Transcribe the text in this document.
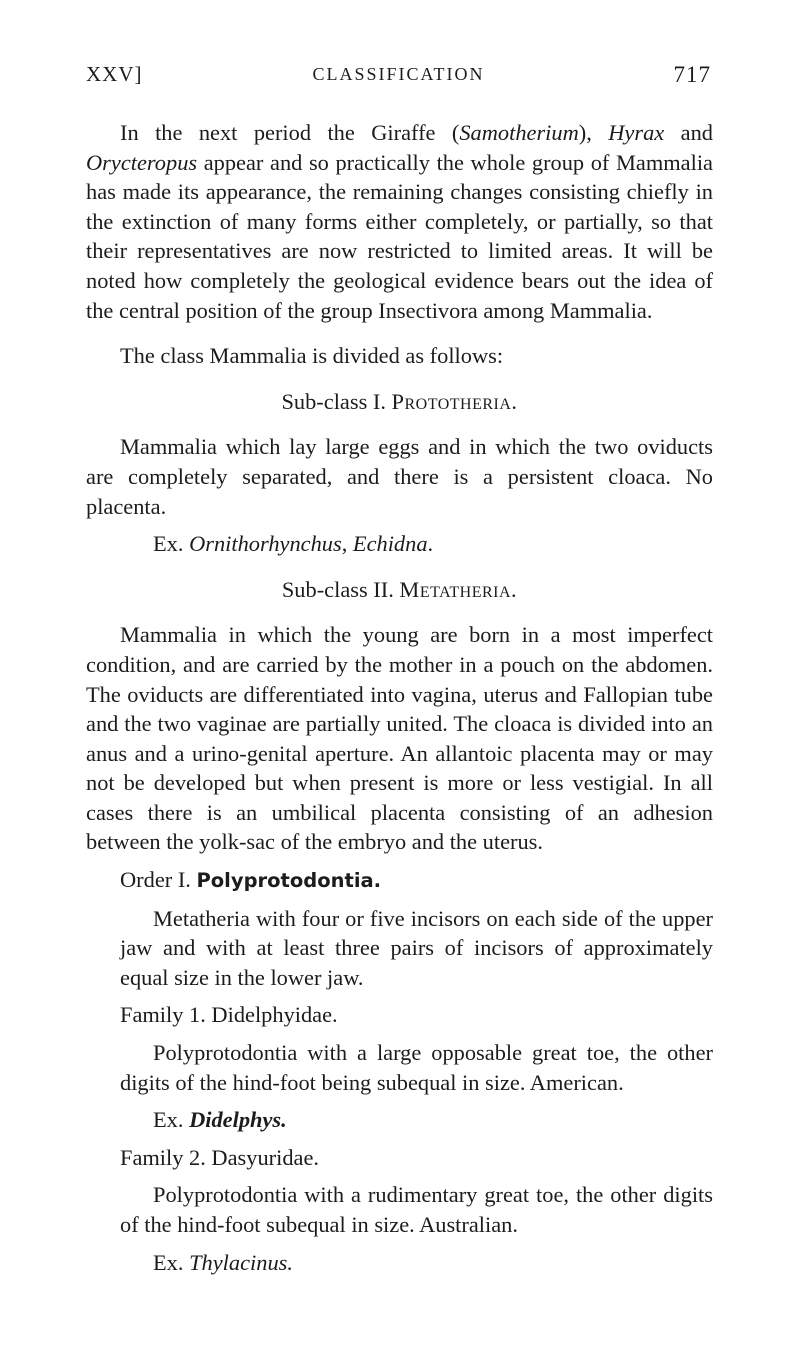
XXV]	CLASSIFICATION	717

In the next period the Giraffe (Samotherium), Hyrax and Orycteropus appear and so practically the whole group of Mammalia has made its appearance, the remaining changes consisting chiefly in the extinction of many forms either completely, or partially, so that their representatives are now restricted to limited areas. It will be noted how completely the geological evidence bears out the idea of the central position of the group Insectivora among Mammalia.

The class Mammalia is divided as follows:

Sub-class I. Prototheria.

Mammalia which lay large eggs and in which the two oviducts are completely separated, and there is a persistent cloaca. No placenta.

Ex. Ornithorhynchus, Echidna.

Sub-class II. Metatheria.

Mammalia in which the young are born in a most imperfect condition, and are carried by the mother in a pouch on the abdomen. The oviducts are differentiated into vagina, uterus and Fallopian tube and the two vaginae are partially united. The cloaca is divided into an anus and a urino-genital aperture. An allantoic placenta may or may not be developed but when present is more or less vestigial. In all cases there is an umbilical placenta consisting of an adhesion between the yolk-sac of the embryo and the uterus.

Order I. Polyprotodontia.

Metatheria with four or five incisors on each side of the upper jaw and with at least three pairs of incisors of approximately equal size in the lower jaw.

Family 1. Didelphyidae.

Polyprotodontia with a large opposable great toe, the other digits of the hind-foot being subequal in size. American.

Ex. Didelphys.

Family 2. Dasyuridae.

Polyprotodontia with a rudimentary great toe, the other digits of the hind-foot subequal in size. Australian.

Ex. Thylacinus.
